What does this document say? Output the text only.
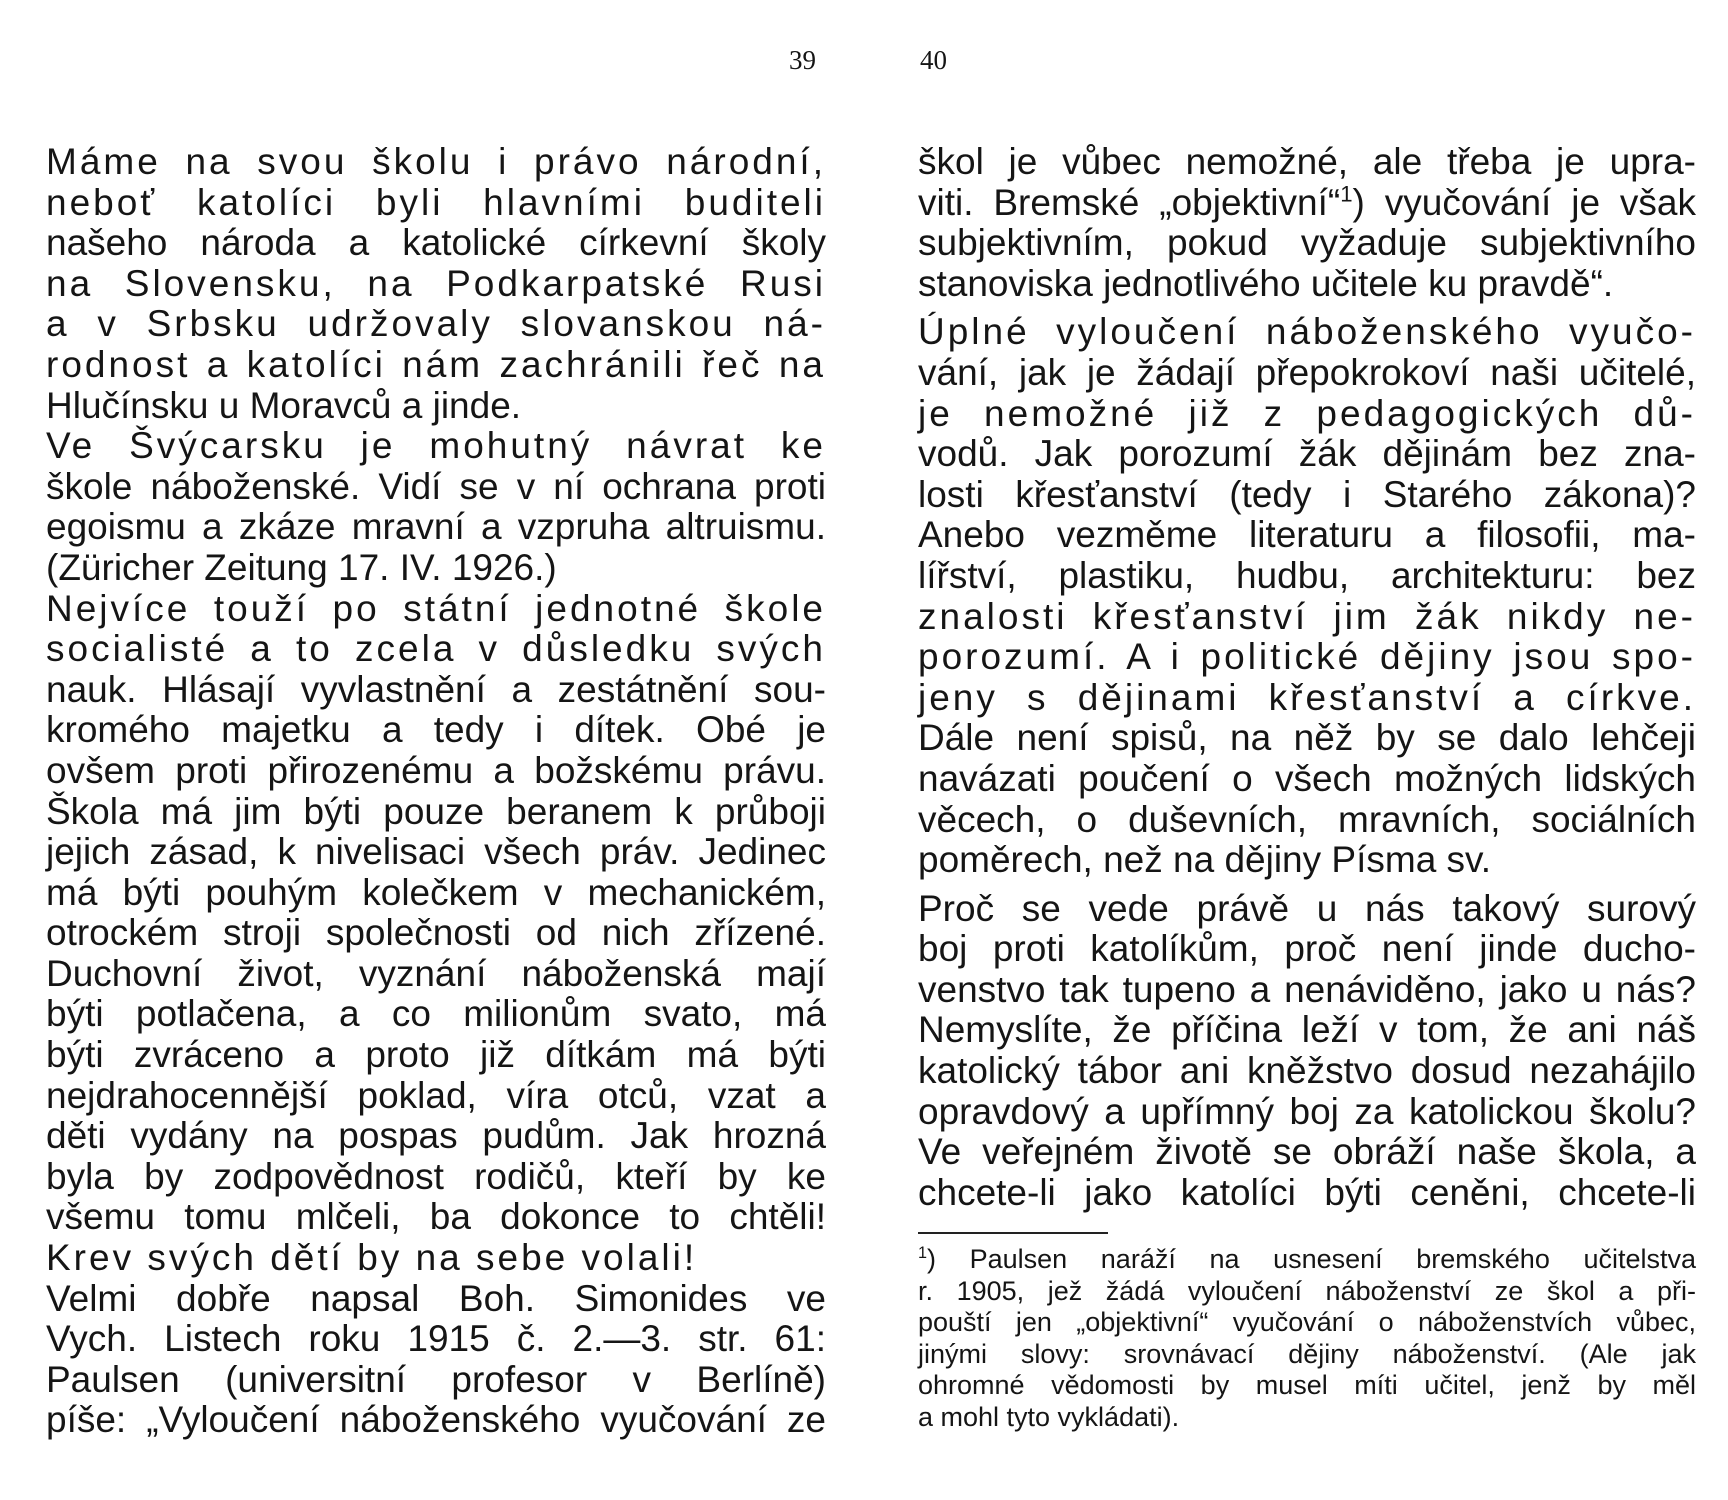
39	40
Máme na svou školu i právo národní,
neboť katolíci byli hlavními buditeli
našeho národa a katolické církevní školy
na Slovensku, na Podkarpatské Rusi
a v Srbsku udržovaly slovanskou ná-
rodnost a katolíci nám zachránili řeč na
Hlučínsku u Moravců a jinde.
Ve Švýcarsku je mohutný návrat ke
škole náboženské. Vidí se v ní ochrana proti
egoismu a zkáze mravní a vzpruha altruismu.
(Züricher Zeitung 17. IV. 1926.)
Nejvíce touží po státní jednotné škole
socialisté a to zcela v důsledku svých
nauk. Hlásají vyvlastnění a zestátnění sou-
kromého majetku a tedy i dítek. Obé je
ovšem proti přirozenému a božskému právu.
Škola má jim býti pouze beranem k průboji
jejich zásad, k nivelisaci všech práv. Jedinec
má býti pouhým kolečkem v mechanickém,
otrockém stroji společnosti od nich zřízené.
Duchovní život, vyznání náboženská mají
býti potlačena, a co milionům svato, má
býti zvráceno a proto již dítkám má býti
nejdrahocennější poklad, víra otců, vzat a
děti vydány na pospas pudům. Jak hrozná
byla by zodpovědnost rodičů, kteří by ke
všemu tomu mlčeli, ba dokonce to chtěli!
Krev svých dětí by na sebe volali!
Velmi dobře napsal Boh. Simonides ve
Vych. Listech roku 1915 č. 2.—3. str. 61:
Paulsen (universitní profesor v Berlíně)
píše: „Vyloučení náboženského vyučování ze
škol je vůbec nemožné, ale třeba je upra-
viti. Bremské „objektivní“$^1$) vyučování je však
subjektivním, pokud vyžaduje subjektivního
stanoviska jednotlivého učitele ku pravdě“.
Úplné vyloučení náboženského vyučo-
vání, jak je žádají přepokrokoví naši učitelé,
je nemožné již z pedagogických dů-
vodů. Jak porozumí žák dějinám bez zna-
losti křesťanství (tedy i Starého zákona)?
Anebo vezměme literaturu a filosofii, ma-
lířství, plastiku, hudbu, architekturu: bez
znalosti křesťanství jim žák nikdy ne-
porozumí. A i politické dějiny jsou spo-
jeny s dějinami křesťanství a církve.
Dále není spisů, na něž by se dalo lehčeji
navázati poučení o všech možných lidských
věcech, o duševních, mravních, sociálních
poměrech, než na dějiny Písma sv.
Proč se vede právě u nás takový surový
boj proti katolíkům, proč není jinde ducho-
venstvo tak tupeno a nenáviděno, jako u nás?
Nemyslíte, že příčina leží v tom, že ani náš
katolický tábor ani kněžstvo dosud nezahájilo
opravdový a upřímný boj za katolickou školu?
Ve veřejném životě se obráží naše škola, a
chcete-li jako katolíci býti ceněni, chcete-li
$^1$) Paulsen naráží na usnesení bremského učitelstva
r. 1905, jež žádá vyloučení náboženství ze škol a při-
pouští jen „objektivní“ vyučování o náboženstvích vůbec,
jinými slovy: srovnávací dějiny náboženství. (Ale jak
ohromné vědomosti by musel míti učitel, jenž by měl
a mohl tyto vykládati).
